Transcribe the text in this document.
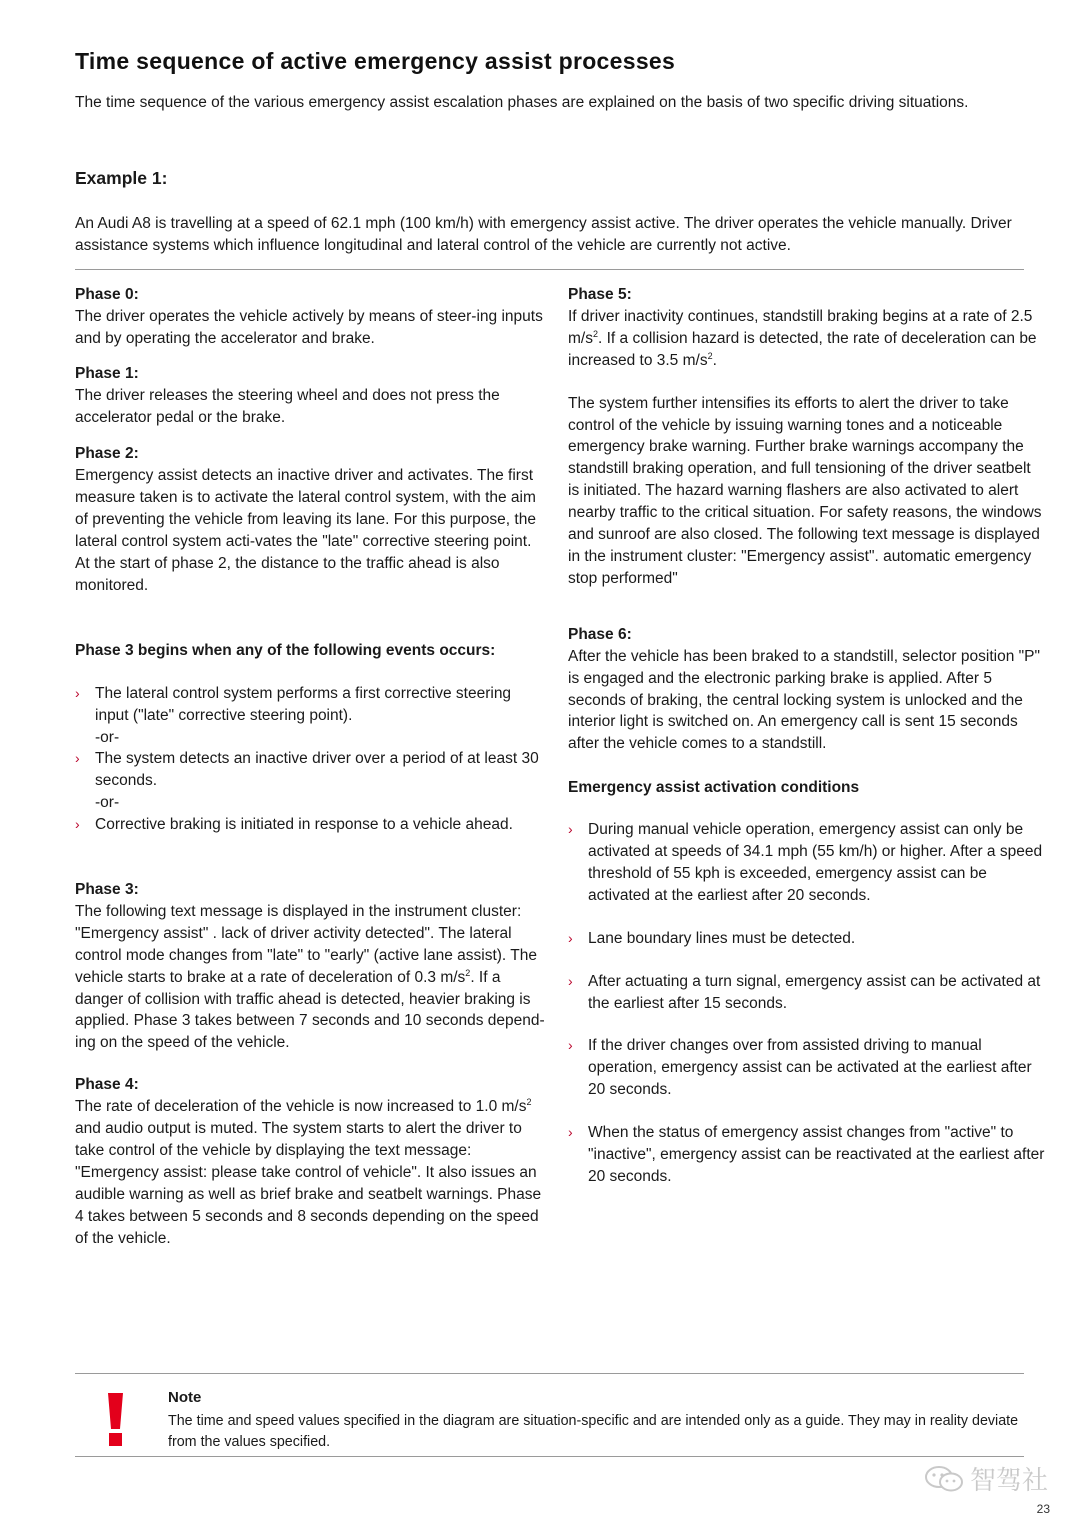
Time sequence of active emergency assist processes
The time sequence of the various emergency assist escalation phases are explained on the basis of two specific driving situations.
Example 1:
An Audi A8 is travelling at a speed of 62.1 mph (100 km/h) with emergency assist active. The driver operates the vehicle manually. Driver assistance systems which influence longitudinal and lateral control of the vehicle are currently not active.
Phase 0:

The driver operates the vehicle actively by means of steer-ing inputs and by operating the accelerator and brake.

Phase 1:

The driver releases the steering wheel and does not press the accelerator pedal or the brake.

Phase 2:

Emergency assist detects an inactive driver and activates. The first measure taken is to activate the lateral control system, with the aim of preventing the vehicle from leaving its lane. For this purpose, the lateral control system acti-vates the "late" corrective steering point. At the start of phase 2, the distance to the traffic ahead is also monitored.

Phase 3 begins when any of the following events occurs:
› The lateral control system performs a first corrective steering input ("late" corrective steering point).
-or-
› The system detects an inactive driver over a period of at least 30 seconds.
-or-
› Corrective braking is initiated in response to a vehicle ahead.
Phase 3:

The following text message is displayed in the instrument cluster: "Emergency assist" . lack of driver activity detected". The lateral control mode changes from "late" to "early" (active lane assist). The vehicle starts to brake at a rate of deceleration of 0.3 $m/s^2$. If a danger of collision with traffic ahead is detected, heavier braking is applied. Phase 3 takes between 7 seconds and 10 seconds depend-ing on the speed of the vehicle.

Phase 4:

The rate of deceleration of the vehicle is now increased to 1.0 $m/s^2$ and audio output is muted. The system starts to alert the driver to take control of the vehicle by displaying the text message: "Emergency assist: please take control of vehicle". It also issues an audible warning as well as brief brake and seatbelt warnings. Phase 4 takes between 5 seconds and 8 seconds depending on the speed of the vehicle.

Phase 5:

If driver inactivity continues, standstill braking begins at a rate of 2.5 $m/s^2$. If a collision hazard is detected, the rate of deceleration can be increased to 3.5 $m/s^2$.

The system further intensifies its efforts to alert the driver to take control of the vehicle by issuing warning tones and a noticeable emergency brake warning. Further brake warnings accompany the standstill braking operation, and full tensioning of the driver seatbelt is initiated. The hazard warning flashers are also activated to alert nearby traffic to the critical situation. For safety reasons, the windows and sunroof are also closed. The following text message is displayed in the instrument cluster: "Emergency assist". automatic emergency stop performed"

Phase 6:

After the vehicle has been braked to a standstill, selector position "P" is engaged and the electronic parking brake is applied. After 5 seconds of braking, the central locking system is unlocked and the interior light is switched on. An emergency call is sent 15 seconds after the vehicle comes to a standstill.

Emergency assist activation conditions
› During manual vehicle operation, emergency assist can only be activated at speeds of 34.1 mph (55 km/h) or higher. After a speed threshold of 55 kph is exceeded, emergency assist can be activated at the earliest after 20 seconds.
› Lane boundary lines must be detected.
› After actuating a turn signal, emergency assist can be activated at the earliest after 15 seconds.
› If the driver changes over from assisted driving to manual operation, emergency assist can be activated at the earliest after 20 seconds.
› When the status of emergency assist changes from "active" to "inactive", emergency assist can be reactivated at the earliest after 20 seconds.
Note
The time and speed values specified in the diagram are situation-specific and are intended only as a guide. They may in reality deviate from the values specified.
智驾社
23
